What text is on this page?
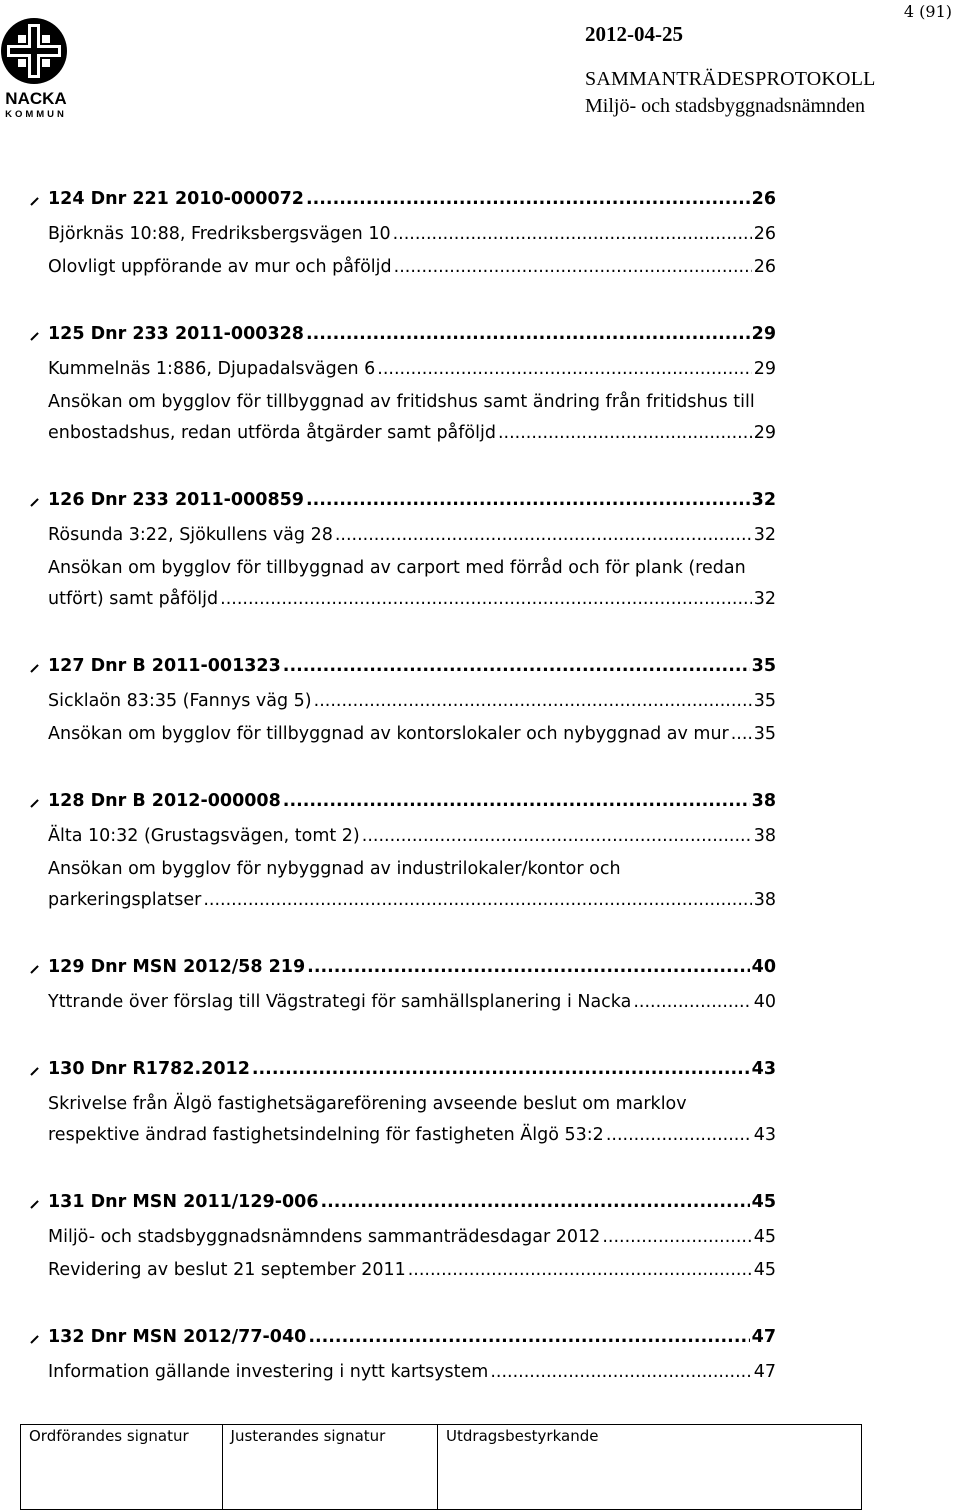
NACKA
KOMMUN
4 (91)
2012-04-25
SAMMANTRÄDESPROTOKOLL
Miljö- och stadsbyggnadsnämnden
124 Dnr 221 2010-000072 .....	26
Björknäs 10:88, Fredriksbergsvägen 10 .....	26
Olovligt uppförande av mur och påföljd .....	26
125 Dnr 233 2011-000328 .....	29
Kummelnäs 1:886, Djupadalsvägen 6 .....	29
Ansökan om bygglov för tillbyggnad av fritidshus samt ändring från fritidshus till
enbostadshus, redan utförda åtgärder samt påföljd .....	29
126 Dnr 233 2011-000859 .....	32
Rösunda 3:22, Sjökullens väg 28 .....	32
Ansökan om bygglov för tillbyggnad av carport med förråd och för plank (redan
utfört) samt påföljd .....	32
127 Dnr B 2011-001323 .....	35
Sicklaön 83:35 (Fannys väg 5) .....	35
Ansökan om bygglov för tillbyggnad av kontorslokaler och nybyggnad av mur ..... 35
128 Dnr B 2012-000008 .....	38
Älta 10:32 (Grustagsvägen, tomt 2) .....	38
Ansökan om bygglov för nybyggnad av industrilokaler/kontor och
parkeringsplatser .....	38
129 Dnr MSN 2012/58 219 .....	40
Yttrande över förslag till Vägstrategi för samhällsplanering i Nacka .....	40
130 Dnr R1782.2012 .....	43
Skrivelse från Älgö fastighetsägareförening avseende beslut om marklov
respektive ändrad fastighetsindelning för fastigheten Älgö 53:2 .....	43
131 Dnr MSN 2011/129-006 .....	45
Miljö- och stadsbyggnadsnämndens sammanträdesdagar 2012 .....	45
Revidering av beslut 21 september 2011 .....	45
132 Dnr MSN 2012/77-040 .....	47
Information gällande investering i nytt kartsystem .....	47
Ordförandes signatur	Justerandes signatur	Utdragsbestyrkande
